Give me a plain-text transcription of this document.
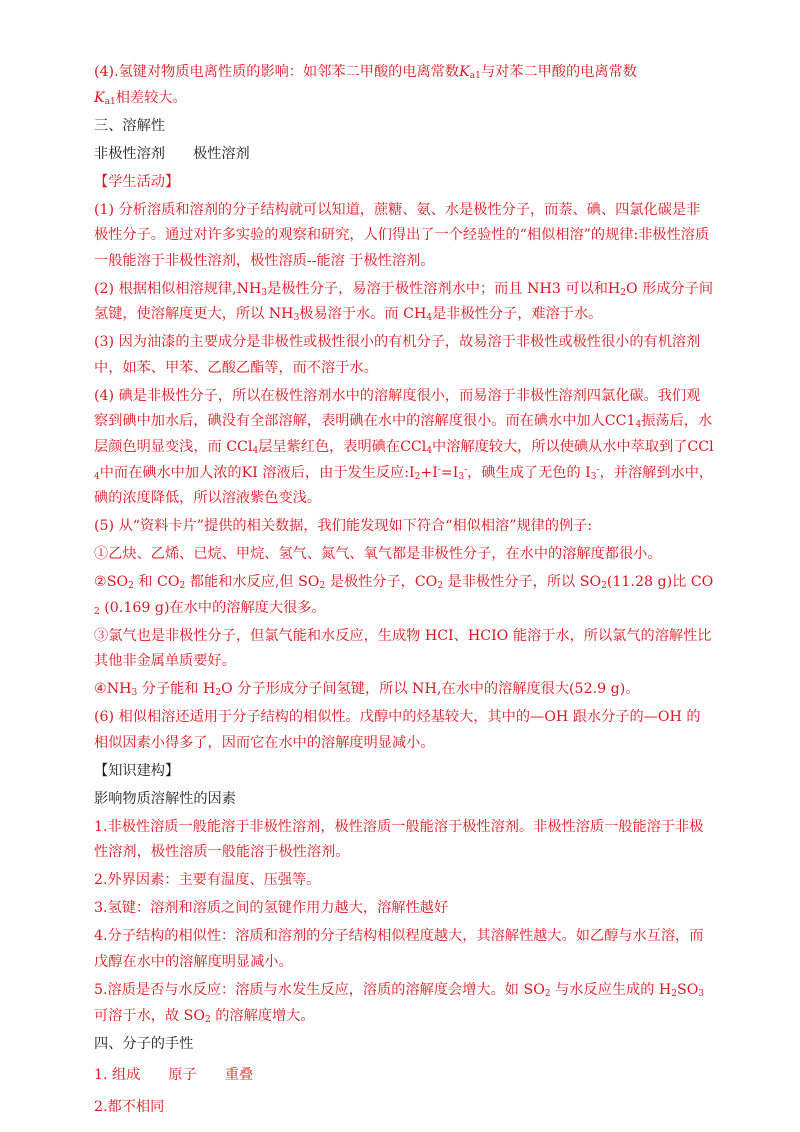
(4).氢键对物质电离性质的影响：如邻苯二甲酸的电离常数$K_{a1}$与对苯二甲酸的电离常数
$K_{a1}$相差较大。

三、溶解性

非极性溶剂 极性溶剂

【学生活动】

(1) 分析溶质和溶剂的分子结构就可以知道，蔗糖、氨、水是极性分子，而萘、碘、四氯化碳是非极性分子。通过对许多实验的观察和研究，人们得出了一个经验性的“相似相溶”的规律:非极性溶质一般能溶于非极性溶剂，极性溶质--能溶 于极性溶剂。

(2) 根据相似相溶规律$,NH_3$是极性分子，易溶于极性溶剂水中；而且 NH3 可以和$H_2O$ 形成分子间氢键，使溶解度更大，所以 $NH_3$极易溶于水。而 $CH_4$是非极性分子，难溶于水。

(3) 因为油漆的主要成分是非极性或极性很小的有机分子，故易溶于非极性或极性很小的有机溶剂中，如苯、甲苯、乙酸乙酯等，而不溶于水。

(4) 碘是非极性分子，所以在极性溶剂水中的溶解度很小，而易溶于非极性溶剂四氯化碳。我们观察到碘中加水后，碘没有全部溶解，表明碘在水中的溶解度很小。而在碘水中加人$CC1_4$振荡后，水层颜色明显变浅，而 CCl$_4$层呈紫红色，表明碘在CCl$_4$中溶解度较大，所以使碘从水中萃取到了CCl$_4$中而在碘水中加人浓的KI 溶液后，由于发生反应$:I_2+I^-=I_3^-$，碘生成了无色的 $I_3^-$，并溶解到水中，碘的浓度降低，所以溶液紫色变浅。

(5) 从“资料卡片”提供的相关数据，我们能发现如下符合“相似相溶”规律的例子:

①乙炔、乙烯、已烷、甲烷、氢气、氮气、氧气都是非极性分子，在水中的溶解度都很小。

$②SO_2$ 和 $CO_2$ 都能和水反应,但 $SO_2$ 是极性分子，$CO_2$ 是非极性分子，所以 $SO_2(11.28$ g)比 $CO_2$ (0.169 g)在水中的溶解度大很多。

③氯气也是非极性分子，但氯气能和水反应，生成物 HCI、HCIO 能溶于水，所以氯气的溶解性比其他非金属单质要好。

$④NH_3$ 分子能和 $H_2O$ 分子形成分子间氢键，所以 NH,在水中的溶解度很大(52.9 g)。

(6) 相似相溶还适用于分子结构的相似性。戊醇中的烃基较大，其中的—OH 跟水分子的—OH 的相似因素小得多了，因而它在水中的溶解度明显减小。

【知识建构】

影响物质溶解性的因素

1.非极性溶质一般能溶于非极性溶剂，极性溶质一般能溶于极性溶剂。非极性溶质一般能溶于非极性溶剂，极性溶质一般能溶于极性溶剂。

2.外界因素：主要有温度、压强等。

3.氢键：溶剂和溶质之间的氢键作用力越大，溶解性越好

4.分子结构的相似性：溶质和溶剂的分子结构相似程度越大，其溶解性越大。如乙醇与水互溶，而戊醇在水中的溶解度明显减小。

5.溶质是否与水反应：溶质与水发生反应，溶质的溶解度会增大。如 $SO_2$ 与水反应生成的 $H_2SO_3$ 可溶于水，故 $SO_2$ 的溶解度增大。

四、分子的手性

1. 组成 原子 重叠

2.都不相同
